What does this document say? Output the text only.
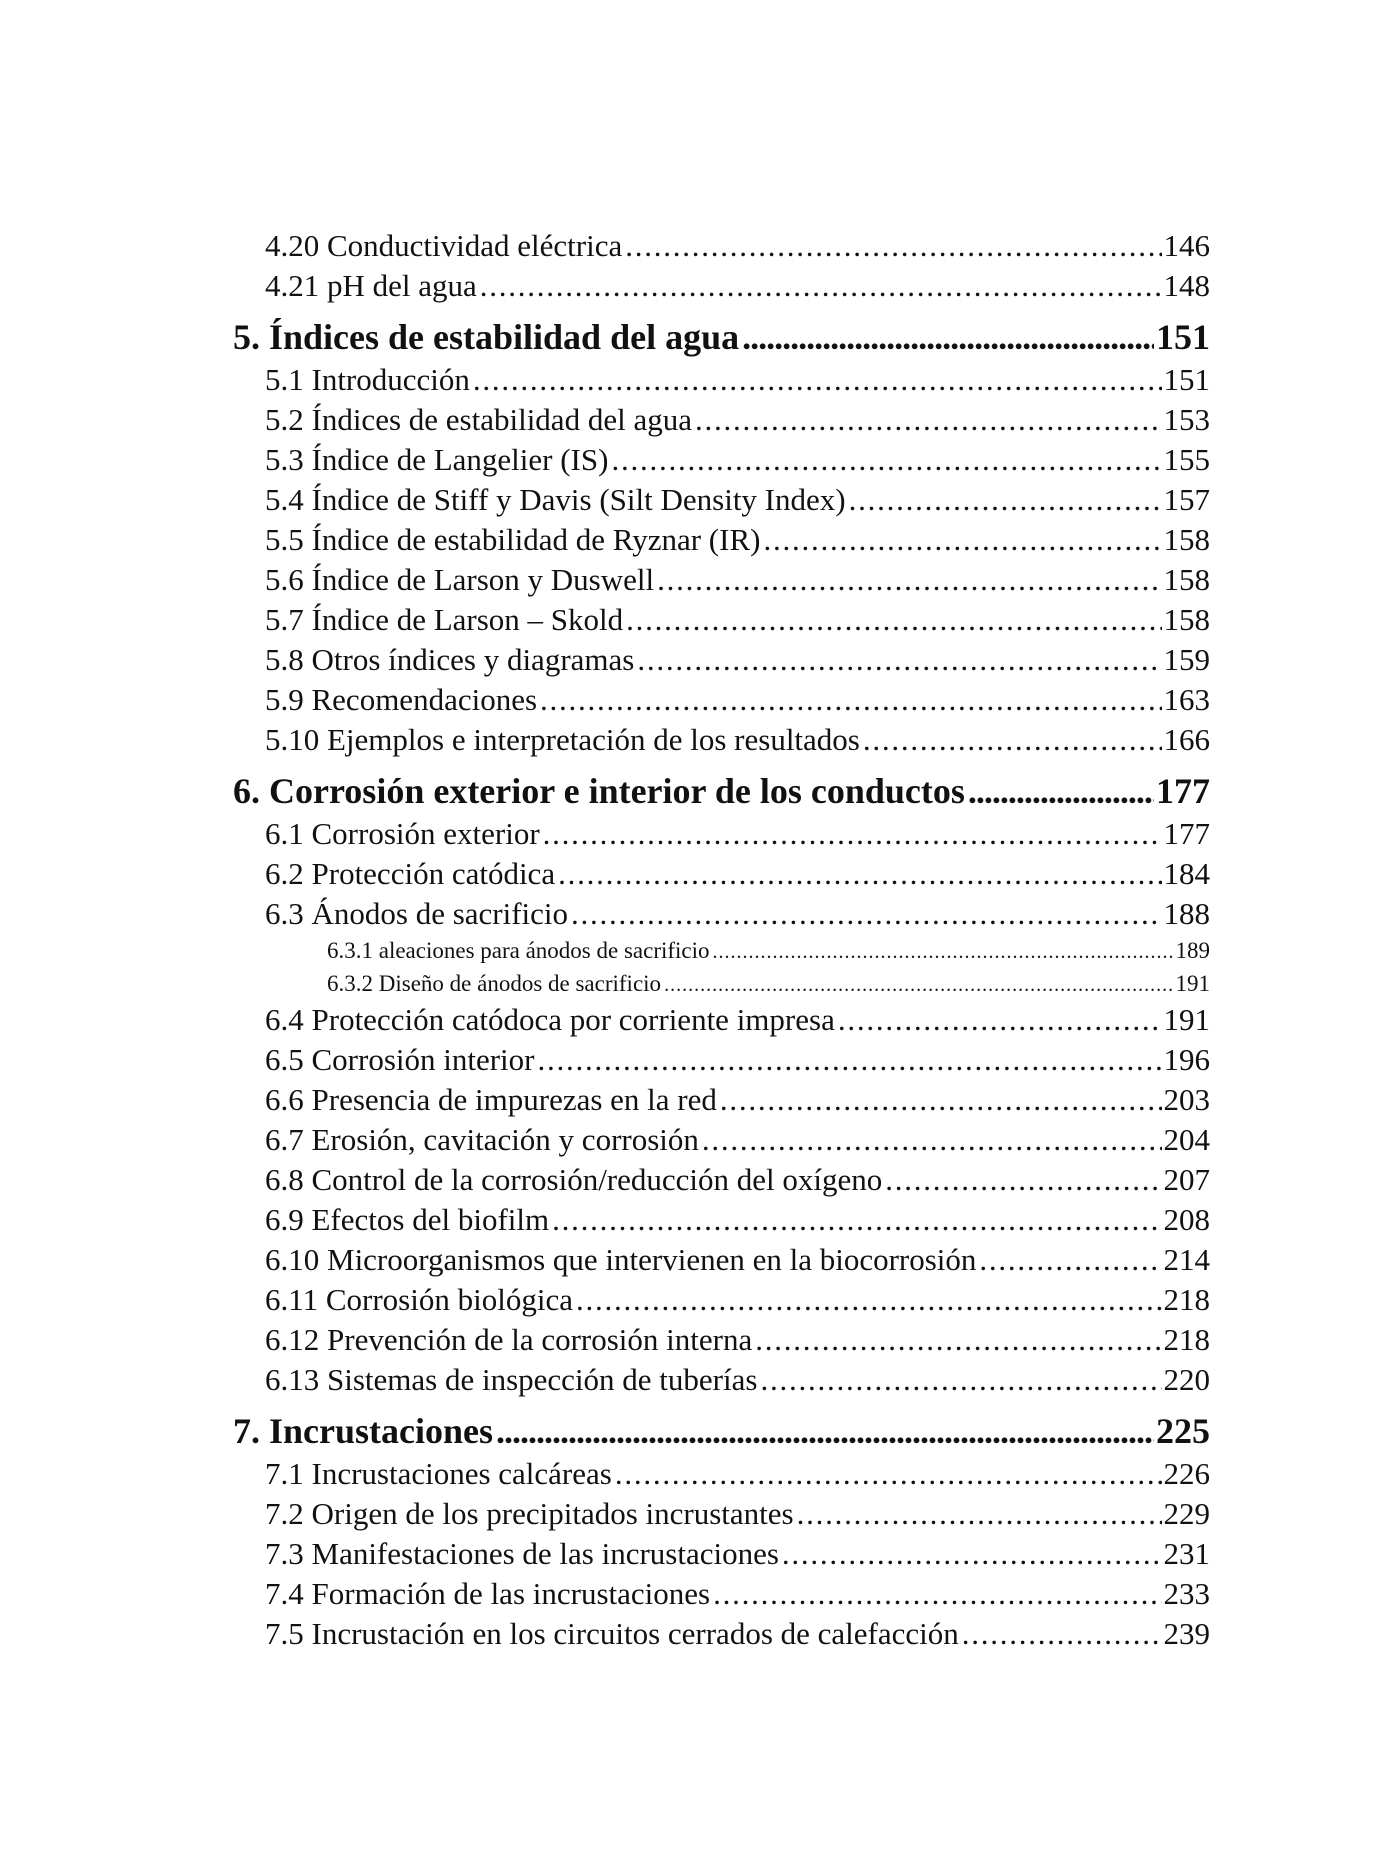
4.20 Conductividad eléctrica . . .	146
4.21 pH del agua . . .	148
5. Índices de estabilidad del agua . . .	151
5.1 Introducción . . .	151
5.2 Índices de estabilidad del agua . . .	153
5.3 Índice de Langelier (IS) . . .	155
5.4 Índice de Stiff y Davis (Silt Density Index) . . .	157
5.5 Índice de estabilidad de Ryznar (IR) . . .	158
5.6 Índice de Larson y Duswell . . .	158
5.7 Índice de Larson – Skold . . .	158
5.8 Otros índices y diagramas . . .	159
5.9 Recomendaciones . . .	163
5.10 Ejemplos e interpretación de los resultados . . .	166
6. Corrosión exterior e interior de los conductos . . .	177
6.1 Corrosión exterior . . .	177
6.2 Protección catódica . . .	184
6.3 Ánodos de sacrificio . . .	188
6.3.1 aleaciones para ánodos de sacrificio . . .	189
6.3.2 Diseño de ánodos de sacrificio . . .	191
6.4 Protección catódoca por corriente impresa . . .	191
6.5 Corrosión interior . . .	196
6.6 Presencia de impurezas en la red . . .	203
6.7 Erosión, cavitación y corrosión . . .	204
6.8 Control de la corrosión/reducción del oxígeno . . .	207
6.9 Efectos del biofilm . . .	208
6.10 Microorganismos que intervienen en la biocorrosión . . .	214
6.11 Corrosión biológica . . .	218
6.12 Prevención de la corrosión interna . . .	218
6.13 Sistemas de inspección de tuberías . . .	220
7. Incrustaciones . . .	225
7.1 Incrustaciones calcáreas . . .	226
7.2 Origen de los precipitados incrustantes . . .	229
7.3 Manifestaciones de las incrustaciones . . .	231
7.4 Formación de las incrustaciones . . .	233
7.5 Incrustación en los circuitos cerrados de calefacción . . .	239
